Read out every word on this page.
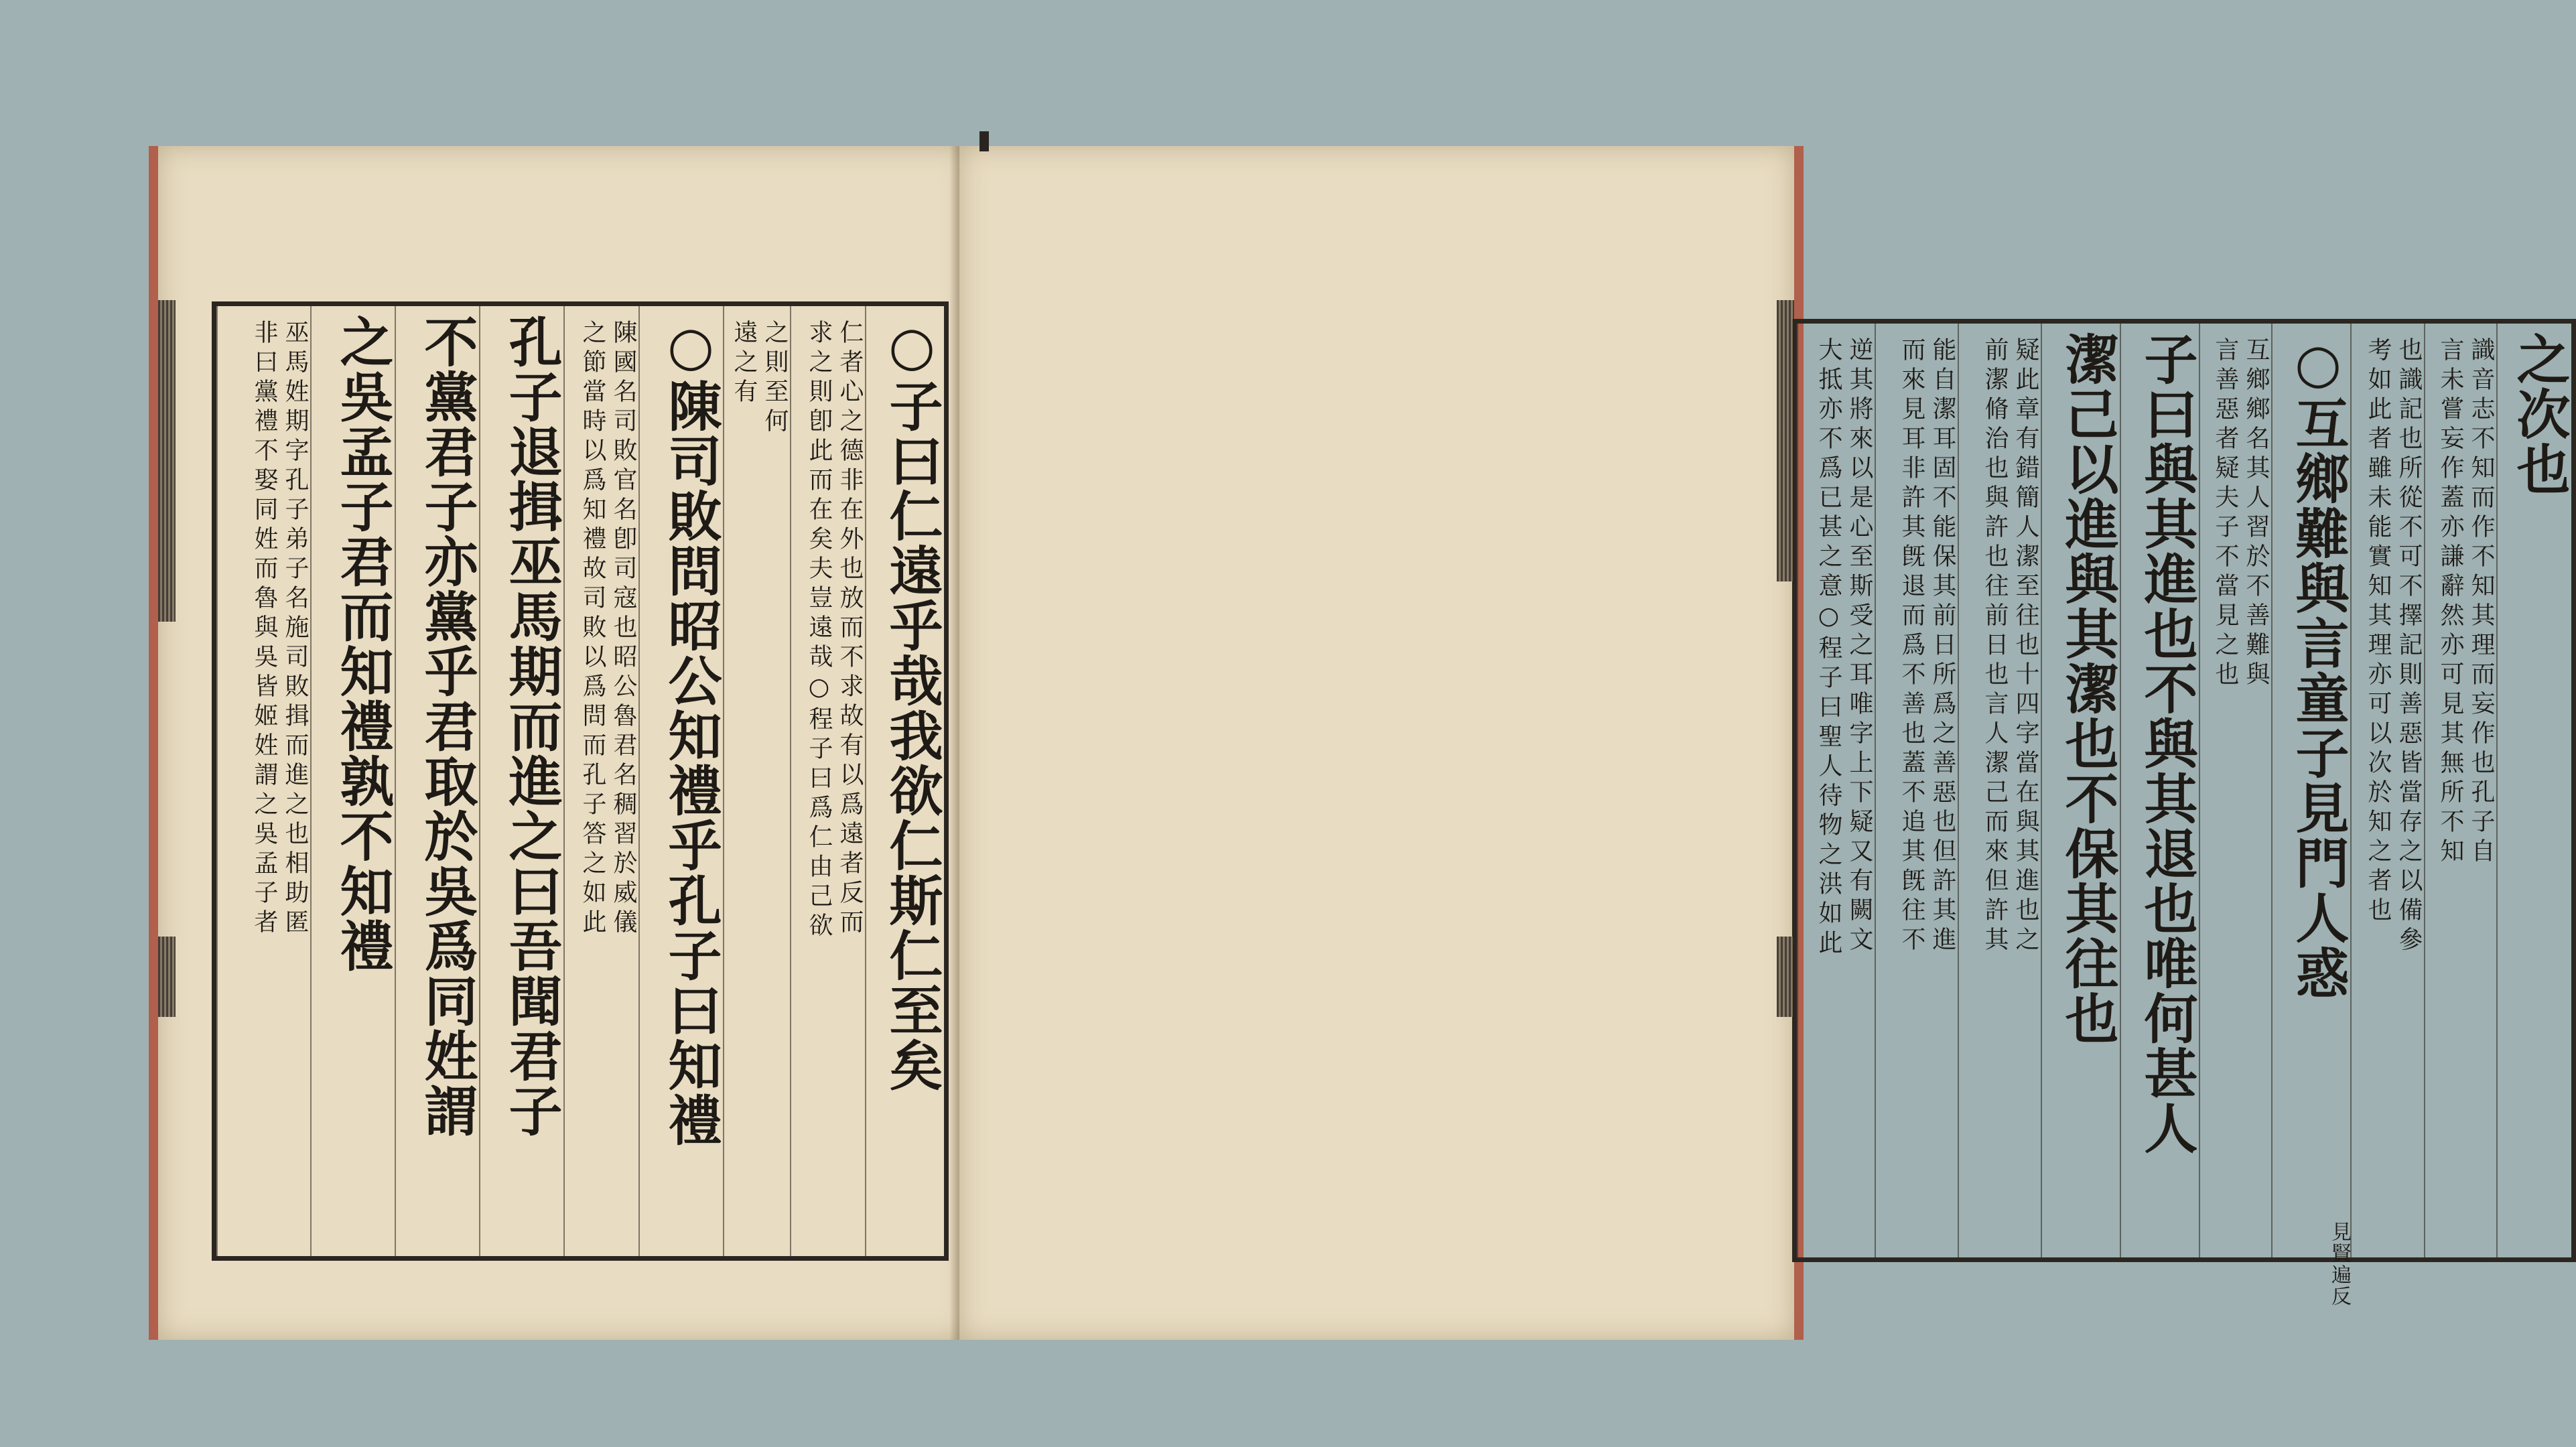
○子曰仁遠乎哉我欲仁斯仁至矣
仁者心之德非在外也放而不求故有以爲遠者反而
求之則卽此而在矣夫豈遠哉○程子曰爲仁由己欲
之則至何
遠之有
○陳司敗問昭公知禮乎孔子曰知禮
陳國名司敗官名卽司寇也昭公魯君名稠習於威儀
之節當時以爲知禮故司敗以爲問而孔子答之如此
孔子退揖巫馬期而進之曰吾聞君子
不黨君子亦黨乎君取於吳爲同姓謂
之吳孟子君而知禮孰不知禮
巫馬姓期字孔子弟子名施司敗揖而進之也相助匿
非曰黨禮不娶同姓而魯與吳皆姬姓謂之吳孟子者	之次也
識音志不知而作不知其理而妄作也孔子自
言未嘗妄作蓋亦謙辭然亦可見其無所不知
也識記也所從不可不擇記則善惡皆當存之以備參
考如此者雖未能實知其理亦可以次於知之者也
○互鄉難與言童子見門人惑
互鄉鄉名其人習於不善難與
言善惡者疑夫子不當見之也
子曰與其進也不與其退也唯何甚人
潔己以進與其潔也不保其往也
疑此章有錯簡人潔至往也十四字當在與其進也之
前潔脩治也與許也往前日也言人潔己而來但許其
能自潔耳固不能保其前日所爲之善惡也但許其進
而來見耳非許其旣退而爲不善也蓋不追其旣往不
逆其將來以是心至斯受之耳唯字上下疑又有闕文
大抵亦不爲已甚之意○程子曰聖人待物之洪如此
見賢遍反
